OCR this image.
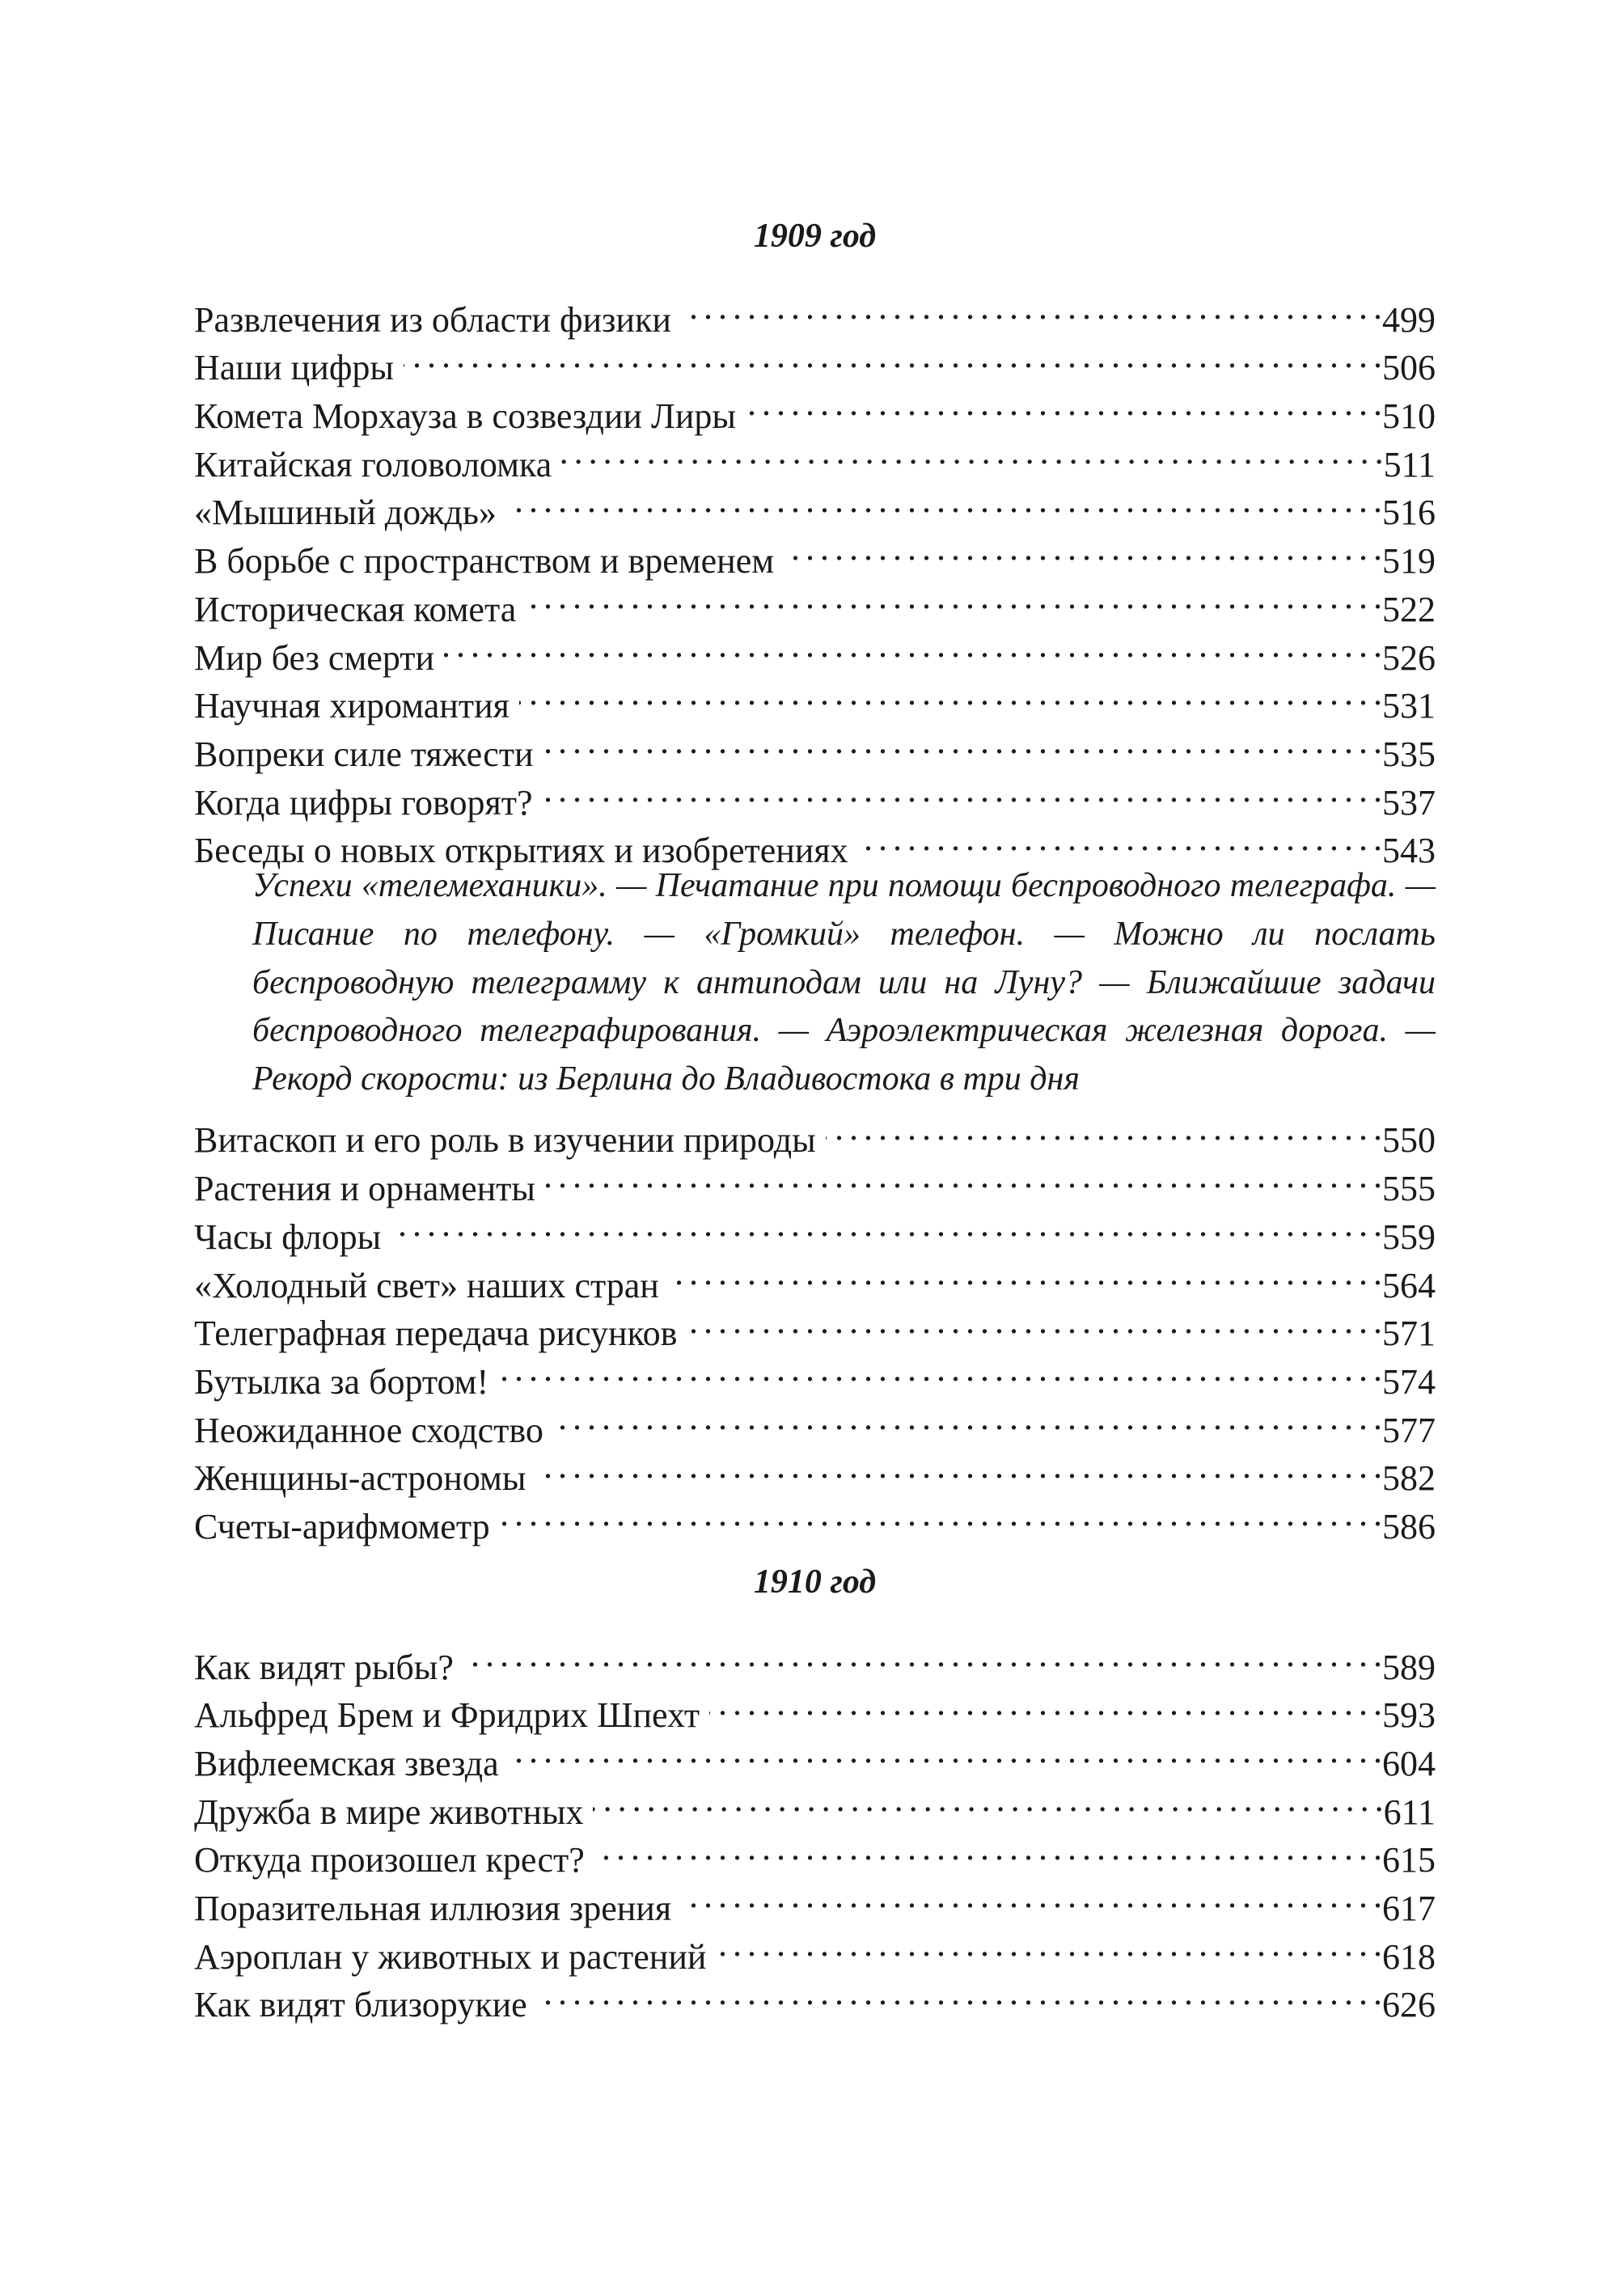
1909 год
Развлечения из области физики . . .	499
Наши цифры . . .	506
Комета Морхауза в созвездии Лиры . . .	510
Китайская головоломка . . .	511
«Мышиный дождь» . . .	516
В борьбе с пространством и временем . . .	519
Историческая комета . . .	522
Мир без смерти . . .	526
Научная хиромантия . . .	531
Вопреки силе тяжести . . .	535
Когда цифры говорят? . . .	537
Беседы о новых открытиях и изобретениях . . .	543

Успехи «телемеханики». — Печатание при помощи беспроводного телеграфа. — Писание по телефону. — «Громкий» телефон. — Можно ли послать беспроводную телеграмму к антиподам или на Луну? — Ближайшие задачи беспроводного телеграфирования. — Аэроэлектрическая железная дорога. — Рекорд скорости: из Берлина до Владивостока в три дня

Витаскоп и его роль в изучении природы . . .	550
Растения и орнаменты . . .	555
Часы флоры . . .	559
«Холодный свет» наших стран . . .	564
Телеграфная передача рисунков . . .	571
Бутылка за бортом! . . .	574
Неожиданное сходство . . .	577
Женщины-астрономы . . .	582
Счеты-арифмометр . . .	586
1910 год
Как видят рыбы? . . .	589
Альфред Брем и Фридрих Шпехт . . .	593
Вифлеемская звезда . . .	604
Дружба в мире животных . . .	611
Откуда произошел крест? . . .	615
Поразительная иллюзия зрения . . .	617
Аэроплан у животных и растений . . .	618
Как видят близорукие . . .	626
